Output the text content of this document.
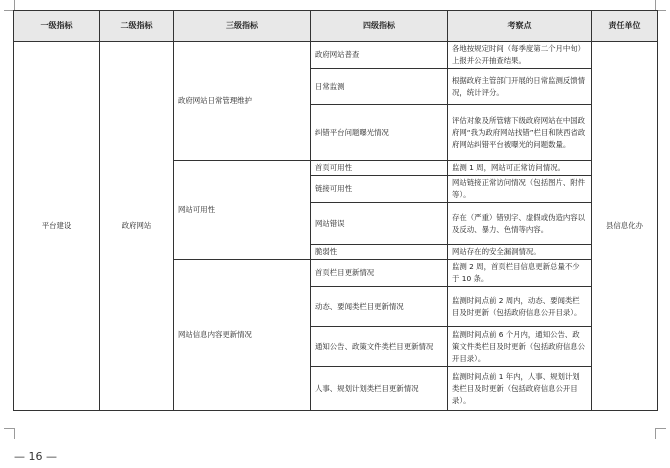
一级指标	二级指标	三级指标	四级指标	考察点	责任单位
平台建设	政府网站	政府网站日常管理维护	政府网站普查	各地按规定时间（每季度第二个月中旬）上报并公开抽查结果。	县信息化办
			日常监测	根据政府主管部门开展的日常监测反馈情况，统计评分。	
			纠错平台问题曝光情况	评估对象及所管辖下级政府网站在中国政府网“我为政府网站找错”栏目和陕西省政府网站纠错平台被曝光的问题数量。	
		网站可用性	首页可用性	监测 1 周，网站可正常访问情况。	
			链接可用性	网站链接正常访问情况（包括图片、附件等）。	
			网站错误	存在（严重）错别字、虚假或伪造内容以及反动、暴力、色情等内容。	
			脆弱性	网站存在的安全漏洞情况。	
		网站信息内容更新情况	首页栏目更新情况	监测 2 周，首页栏目信息更新总量不少于 10 条。	
			动态、要闻类栏目更新情况	监测时间点前 2 周内，动态、要闻类栏目及时更新（包括政府信息公开目录）。	
			通知公告、政策文件类栏目更新情况	监测时间点前 6 个月内，通知公告、政策文件类栏目及时更新（包括政府信息公开目录）。	
			人事、规划计划类栏目更新情况	监测时间点前 1 年内，人事、规划计划类栏目及时更新（包括政府信息公开目录）。	
— 16 —
